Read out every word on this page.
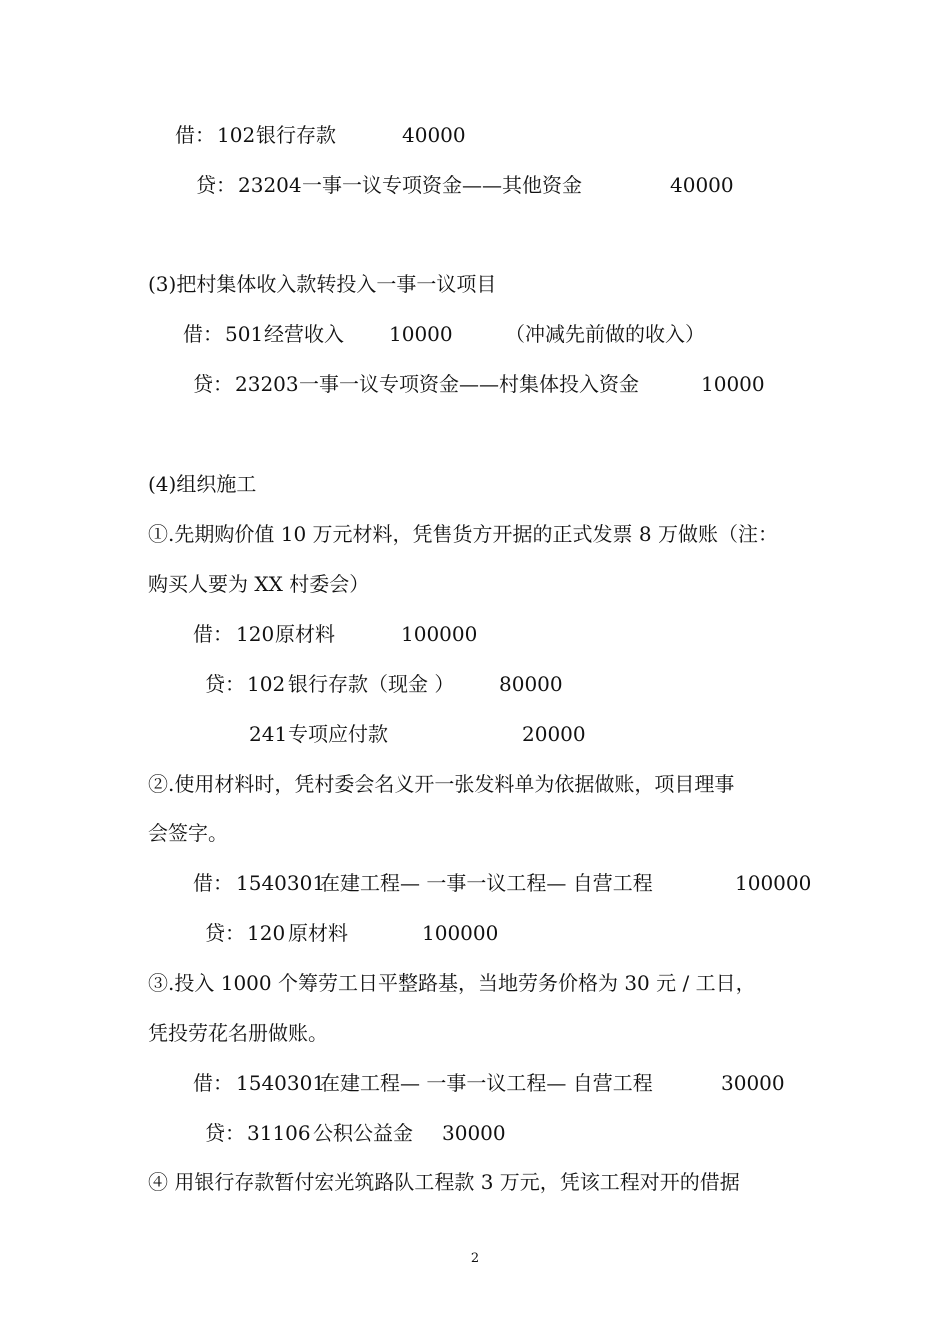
借： 102 银行存款	40000
贷： 23204 一事一议专项资金——其他资金	40000
(3)把村集体收入款转投入一事一议项目
借： 501 经营收入 10000	（冲减先前做的收入）
贷： 23203 一事一议专项资金——村集体投入资金	10000
(4)组织施工
①.先期购价值 10 万元材料，凭售货方开据的正式发票 8 万做账（注：
购买人要为 XX 村委会）
借： 120 原材料	100000
贷： 102 银行存款（现金 ） 80000
241 专项应付款	20000
②.使用材料时，凭村委会名义开一张发料单为依据做账，项目理事
会签字。
借： 1540301
在建工程— 一事一议工程— 自营工程	100000
贷： 120 原材料	100000
③.投入 1000 个筹劳工日平整路基，当地劳务价格为 30 元 / 工日，
凭投劳花名册做账。
借： 1540301
在建工程— 一事一议工程— 自营工程	30000
贷： 31106 公积公益金 30000
④ 用银行存款暂付宏光筑路队工程款 3 万元，凭该工程对开的借据
2
